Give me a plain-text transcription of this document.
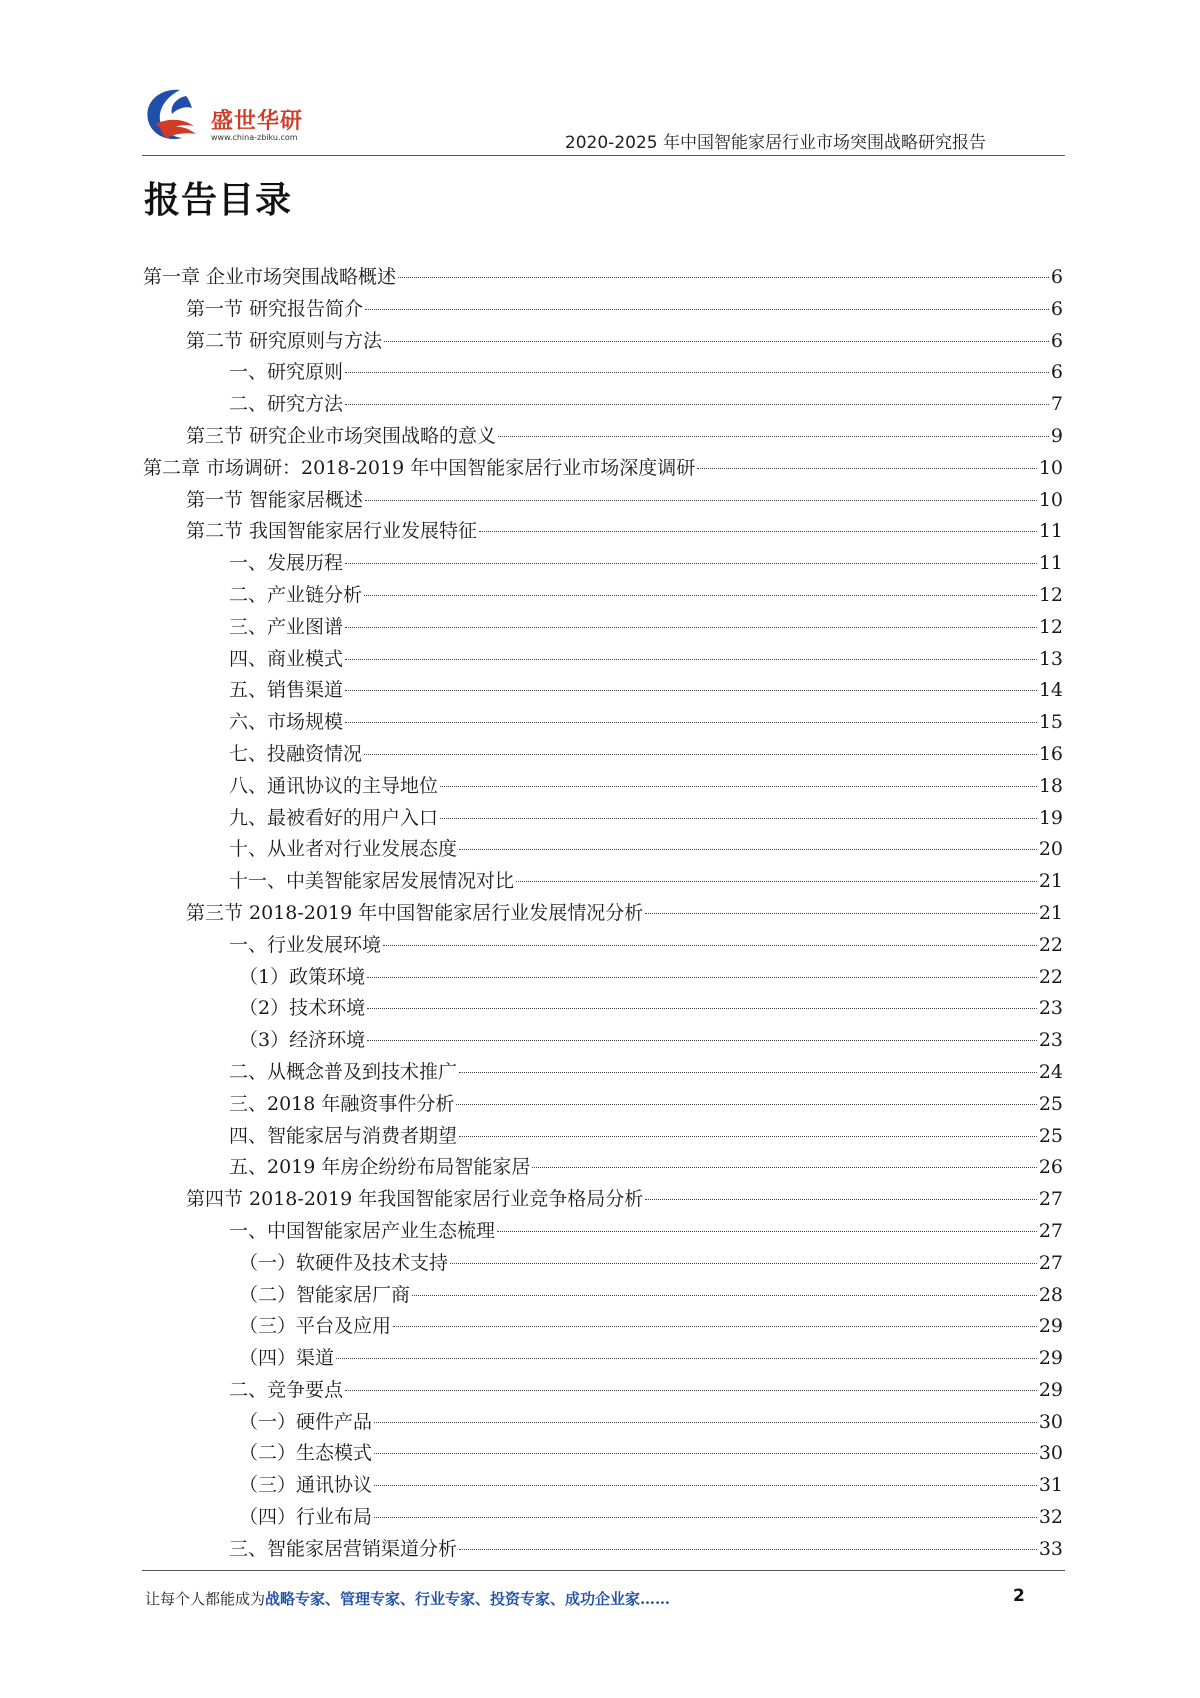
盛世华研
www.china-zbiku.com	2020-2025 年中国智能家居行业市场突围战略研究报告
报告目录
第一章 企业市场突围战略概述	6
第一节 研究报告简介	6
第二节 研究原则与方法	6
一、研究原则	6
二、研究方法	7
第三节 研究企业市场突围战略的意义	9
第二章 市场调研：2018-2019 年中国智能家居行业市场深度调研	10
第一节 智能家居概述	10
第二节 我国智能家居行业发展特征	11
一、发展历程	11
二、产业链分析	12
三、产业图谱	12
四、商业模式	13
五、销售渠道	14
六、市场规模	15
七、投融资情况	16
八、通讯协议的主导地位	18
九、最被看好的用户入口	19
十、从业者对行业发展态度	20
十一、中美智能家居发展情况对比	21
第三节 2018-2019 年中国智能家居行业发展情况分析	21
一、行业发展环境	22
（1）政策环境	22
（2）技术环境	23
（3）经济环境	23
二、从概念普及到技术推广	24
三、2018 年融资事件分析	25
四、智能家居与消费者期望	25
五、2019 年房企纷纷布局智能家居	26
第四节 2018-2019 年我国智能家居行业竞争格局分析	27
一、中国智能家居产业生态梳理	27
（一）软硬件及技术支持	27
（二）智能家居厂商	28
（三）平台及应用	29
（四）渠道	29
二、竞争要点	29
（一）硬件产品	30
（二）生态模式	30
（三）通讯协议	31
（四）行业布局	32
三、智能家居营销渠道分析	33
让每个人都能成为战略专家、管理专家、行业专家、投资专家、成功企业家……	2
